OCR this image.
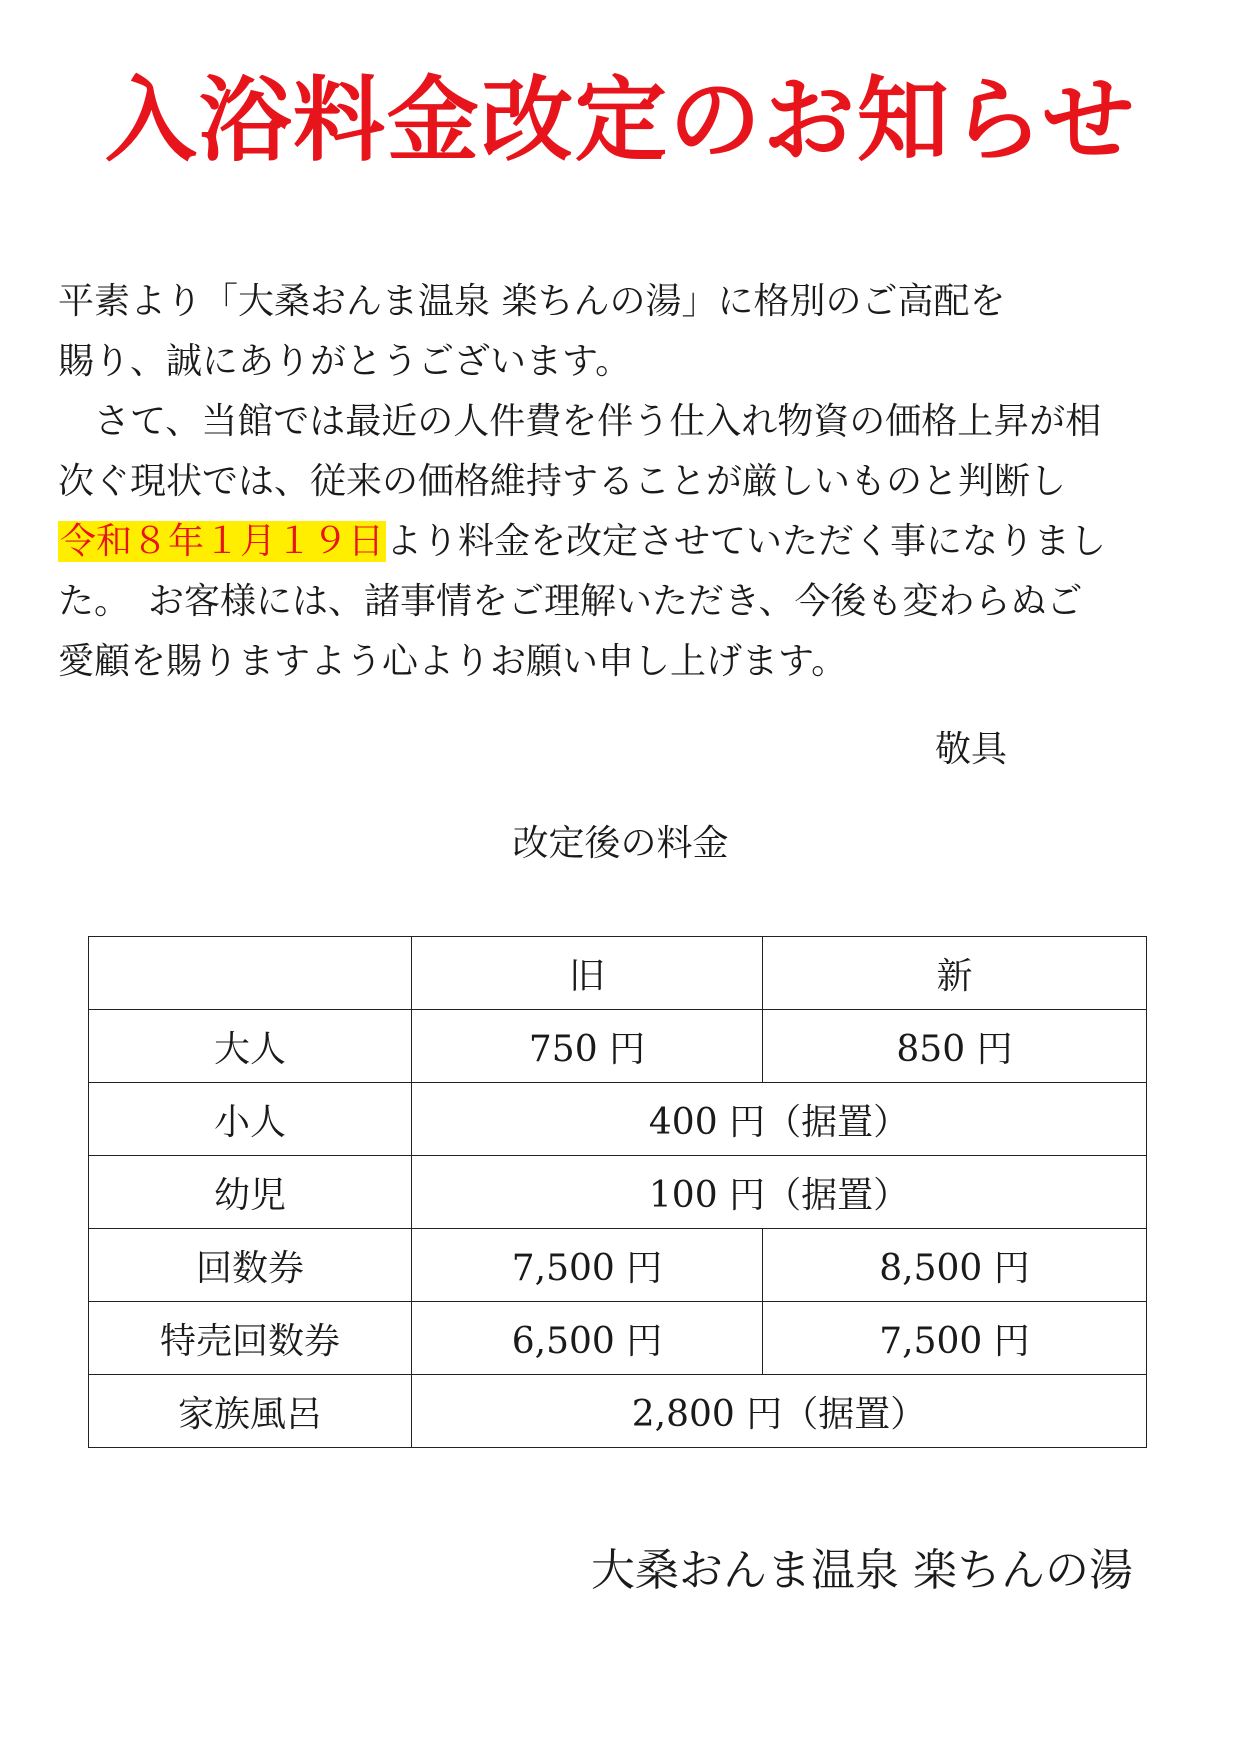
入浴料金改定のお知らせ
平素より「大桑おんま温泉 楽ちんの湯」に格別のご高配を
賜り、誠にありがとうございます。
　さて、当館では最近の人件費を伴う仕入れ物資の価格上昇が相
次ぐ現状では、従来の価格維持することが厳しいものと判断し
令和８年１月１９日より料金を改定させていただく事になりまし
た。　お客様には、諸事情をご理解いただき、今後も変わらぬご
愛顧を賜りますよう心よりお願い申し上げます。
敬具
改定後の料金
	旧	新
大人	750 円	850 円
小人	400 円（据置）	
幼児	100 円（据置）	
回数券	7,500 円	8,500 円
特売回数券	6,500 円	7,500 円
家族風呂	2,800 円（据置）	
大桑おんま温泉 楽ちんの湯
